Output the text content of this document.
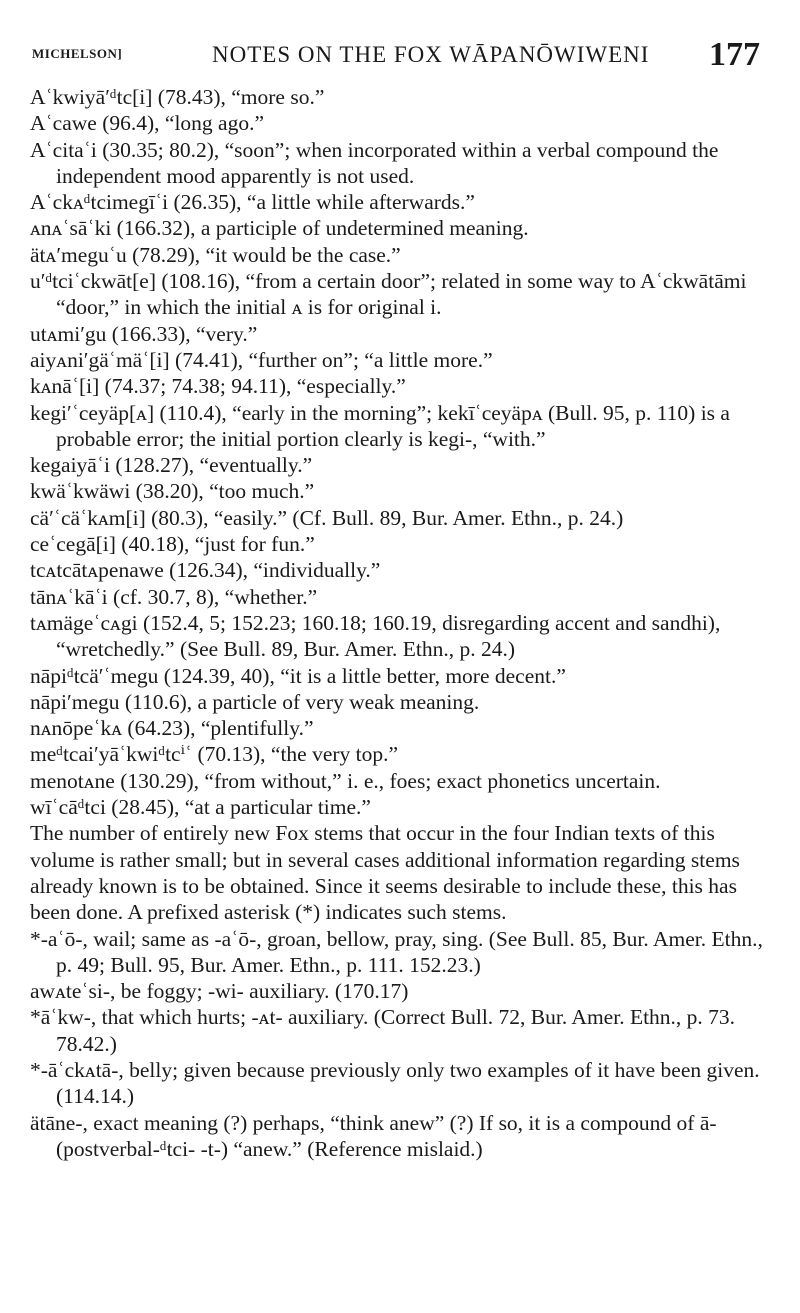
MICHELSON]	NOTES ON THE FOX WĀPANŌWIWENI 177

Aʿkwiyāʹᵈtc[i] (78.43), “more so.”

Aʿcawe (96.4), “long ago.”

Aʿcitaʿi (30.35; 80.2), “soon”; when incorporated within a verbal compound the independent mood apparently is not used.

Aʿckᴀᵈtcimegīʿi (26.35), “a little while afterwards.”

ᴀnᴀʿsāʿki (166.32), a participle of undetermined meaning.

ätᴀʹmeguʿu (78.29), “it would be the case.”

uʹᵈtciʿckwāt[e] (108.16), “from a certain door”; related in some way to Aʿckwātāmi “door,” in which the initial ᴀ is for original i.

utᴀmiʹgu (166.33), “very.”

aiyᴀniʹgäʿmäʿ[i] (74.41), “further on”; “a little more.”

kᴀnāʿ[i] (74.37; 74.38; 94.11), “especially.”

kegiʹʿceyäp[ᴀ] (110.4), “early in the morning”; kekīʿceyäpᴀ (Bull. 95, p. 110) is a probable error; the initial portion clearly is kegi-, “with.”

kegaiyāʿi (128.27), “eventually.”

kwäʿkwäwi (38.20), “too much.”

cäʹʿcäʿkᴀm[i] (80.3), “easily.” (Cf. Bull. 89, Bur. Amer. Ethn., p. 24.)

ceʿcegā[i] (40.18), “just for fun.”

tcᴀtcātᴀpenawe (126.34), “individually.”

tānᴀʿkāʿi (cf. 30.7, 8), “whether.”

tᴀmägeʿcᴀgi (152.4, 5; 152.23; 160.18; 160.19, disregarding accent and sandhi), “wretchedly.” (See Bull. 89, Bur. Amer. Ethn., p. 24.)

nāpiᵈtcäʹʿmegu (124.39, 40), “it is a little better, more decent.”

nāpiʹmegu (110.6), a particle of very weak meaning.

nᴀnōpeʿkᴀ (64.23), “plentifully.”

meᵈtcaiʹyāʿkwiᵈtcⁱʿ (70.13), “the very top.”

menotᴀne (130.29), “from without,” i. e., foes; exact phonetics uncertain.

wīʿcāᵈtci (28.45), “at a particular time.”

The number of entirely new Fox stems that occur in the four Indian texts of this volume is rather small; but in several cases additional information regarding stems already known is to be obtained. Since it seems desirable to include these, this has been done. A prefixed asterisk (*) indicates such stems.

*-aʿō-, wail; same as -aʿō-, groan, bellow, pray, sing. (See Bull. 85, Bur. Amer. Ethn., p. 49; Bull. 95, Bur. Amer. Ethn., p. 111. 152.23.)

awᴀteʿsi-, be foggy; -wi- auxiliary. (170.17)

*āʿkw-, that which hurts; -ᴀt- auxiliary. (Correct Bull. 72, Bur. Amer. Ethn., p. 73. 78.42.)

*-āʿckᴀtā-, belly; given because previously only two examples of it have been given. (114.14.)

ätāne-, exact meaning (?) perhaps, “think anew” (?) If so, it is a compound of ā- (postverbal-ᵈtci- -t-) “anew.” (Reference mislaid.)
